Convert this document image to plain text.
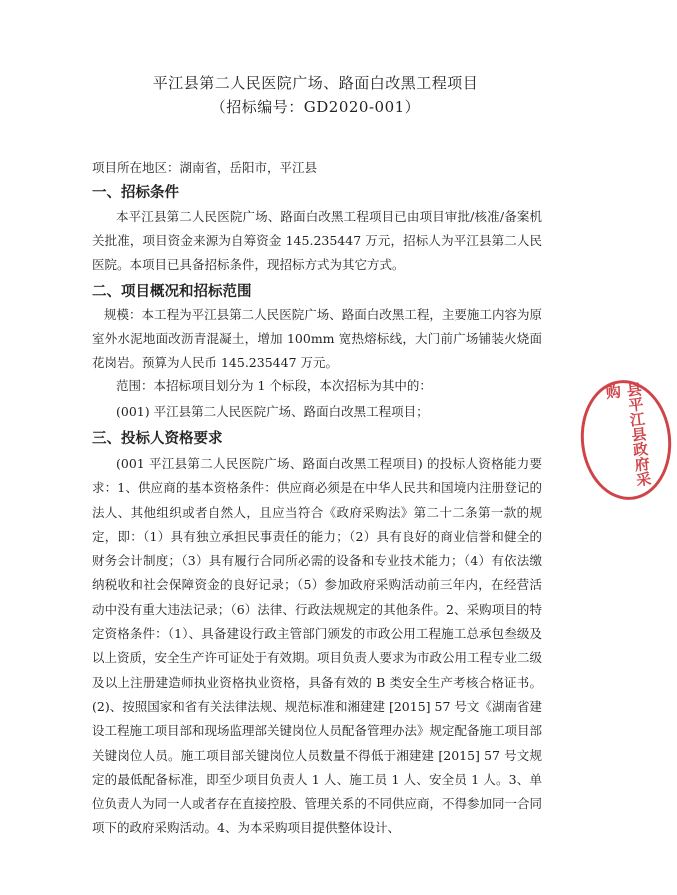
平江县第二人民医院广场、路面白改黑工程项目
（招标编号：GD2020-001）
项目所在地区：湖南省，岳阳市，平江县
一、招标条件
本平江县第二人民医院广场、路面白改黑工程项目已由项目审批/核准/备案机关批准，项目资金来源为自筹资金 145.235447 万元，招标人为平江县第二人民医院。本项目已具备招标条件，现招标方式为其它方式。
二、项目概况和招标范围
规模：本工程为平江县第二人民医院广场、路面白改黑工程，主要施工内容为原室外水泥地面改沥青混凝土，增加 100mm 宽热熔标线，大门前广场铺装火烧面花岗岩。预算为人民币 145.235447 万元。
范围：本招标项目划分为 1 个标段，本次招标为其中的：
(001) 平江县第二人民医院广场、路面白改黑工程项目；
三、投标人资格要求
(001 平江县第二人民医院广场、路面白改黑工程项目) 的投标人资格能力要求：1、供应商的基本资格条件：供应商必须是在中华人民共和国境内注册登记的法人、其他组织或者自然人，且应当符合《政府采购法》第二十二条第一款的规定，即：（1）具有独立承担民事责任的能力；（2）具有良好的商业信誉和健全的财务会计制度；（3）具有履行合同所必需的设备和专业技术能力；（4）有依法缴纳税收和社会保障资金的良好记录；（5）参加政府采购活动前三年内，在经营活动中没有重大违法记录；（6）法律、行政法规规定的其他条件。2、采购项目的特定资格条件：（1）、具备建设行政主管部门颁发的市政公用工程施工总承包叁级及以上资质，安全生产许可证处于有效期。项目负责人要求为市政公用工程专业二级及以上注册建造师执业资格执业资格，具备有效的 B 类安全生产考核合格证书。(2)、按照国家和省有关法律法规、规范标准和湘建建 [2015] 57 号文《湖南省建设工程施工项目部和现场监理部关键岗位人员配备管理办法》规定配备施工项目部关键岗位人员。施工项目部关键岗位人员数量不得低于湘建建 [2015] 57 号文规定的最低配备标准，即至少项目负责人 1 人、施工员 1 人、安全员 1 人。3、单位负责人为同一人或者存在直接控股、管理关系的不同供应商，不得参加同一合同项下的政府采购活动。4、为本采购项目提供整体设计、
县平江县政府采购
